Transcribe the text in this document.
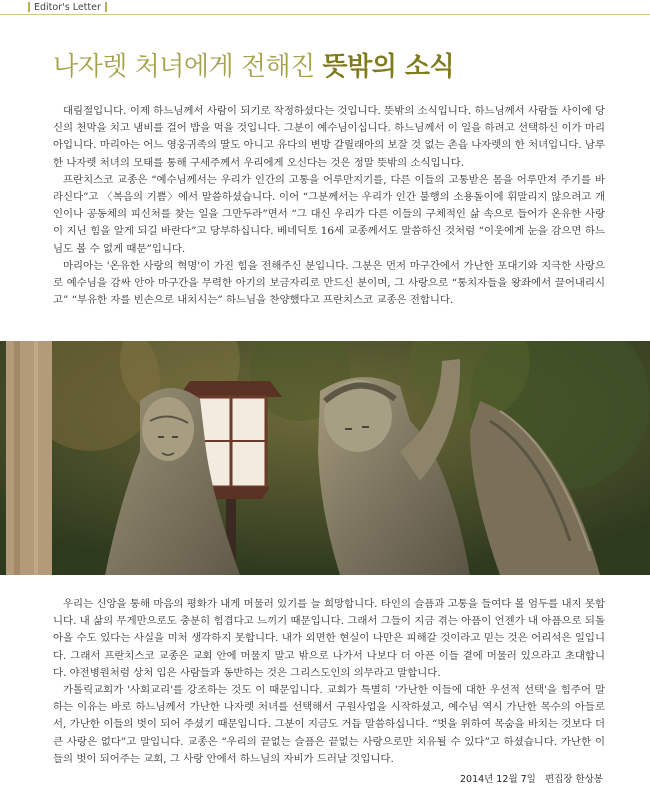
Editor's Letter
나자렛 처녀에게 전해진 뜻밖의 소식

대림절입니다. 이제 하느님께서 사람이 되기로 작정하셨다는 것입니다. 뜻밖의 소식입니다. 하느님께서 사람들 사이에 당신의 천막을 치고 냄비를 걸어 밥을 먹을 것입니다. 그분이 예수님이십니다. 하느님께서 이 일을 하려고 선택하신 이가 마리아입니다. 마리아는 어느 영웅귀족의 딸도 아니고 유다의 변방 갈릴래아의 보잘 것 없는 촌읍 나자렛의 한 처녀입니다. 남루한 나자렛 처녀의 모태를 통해 구세주께서 우리에게 오신다는 것은 정말 뜻밖의 소식입니다.

프란치스코 교종은 “예수님께서는 우리가 인간의 고통을 어루만지기를, 다른 이들의 고통받은 몸을 어루만져 주기를 바라신다”고 〈복음의 기쁨〉에서 말씀하셨습니다. 이어 “그분께서는 우리가 인간 불행의 소용돌이에 휘말리지 않으려고 개인이나 공동체의 피신처를 찾는 일을 그만두라”면서 “그 대신 우리가 다른 이들의 구체적인 삶 속으로 들어가 온유한 사랑이 지닌 힘을 알게 되길 바란다”고 당부하십니다. 베네딕토 16세 교종께서도 말씀하신 것처럼 “이웃에게 눈을 감으면 하느님도 볼 수 없게 때문”입니다.

마리아는 '온유한 사랑의 혁명'이 가진 힘을 전해주신 분입니다. 그분은 먼저 마구간에서 가난한 포대기와 지극한 사랑으로 예수님을 감싸 안아 마구간을 무력한 아기의 보금자리로 만드신 분이며, 그 사랑으로 “통치자들을 왕좌에서 끌어내리시고” “부유한 자를 빈손으로 내치시는” 하느님을 찬양했다고 프란치스코 교종은 전합니다.

우리는 신앙을 통해 마음의 평화가 내게 머물러 있기를 늘 희망합니다. 타인의 슬픔과 고통을 들여다 볼 엄두를 내지 못합니다. 내 삶의 무게만으로도 충분히 힘겹다고 느끼기 때문입니다. 그래서 그들이 지금 겪는 아픔이 언젠가 내 아픔으로 되돌아올 수도 있다는 사실을 미처 생각하지 못합니다. 내가 외면한 현실이 나만은 피해갈 것이라고 믿는 것은 어리석은 일입니다. 그래서 프란치스코 교종은 교회 안에 머물지 말고 밖으로 나가서 나보다 더 아픈 이들 곁에 머물러 있으라고 초대합니다. 야전병원처럼 상처 입은 사람들과 동반하는 것은 그리스도인의 의무라고 말합니다.

가톨릭교회가 '사회교리'를 강조하는 것도 이 때문입니다. 교회가 특별히 '가난한 이들에 대한 우선적 선택'을 힘주어 말하는 이유는 바로 하느님께서 가난한 나자렛 처녀를 선택해서 구원사업을 시작하셨고, 예수님 역시 가난한 목수의 아들로서, 가난한 이들의 벗이 되어 주셨기 때문입니다. 그분이 지금도 거듭 말씀하십니다. “벗을 위하여 목숨을 바치는 것보다 더 큰 사랑은 없다”고 말입니다. 교종은 “우리의 끝없는 슬픔은 끝없는 사랑으로만 치유될 수 있다”고 하셨습니다. 가난한 이들의 벗이 되어주는 교회, 그 사랑 안에서 하느님의 자비가 드러날 것입니다.

2014년 12월 7일 편집장 한상봉
